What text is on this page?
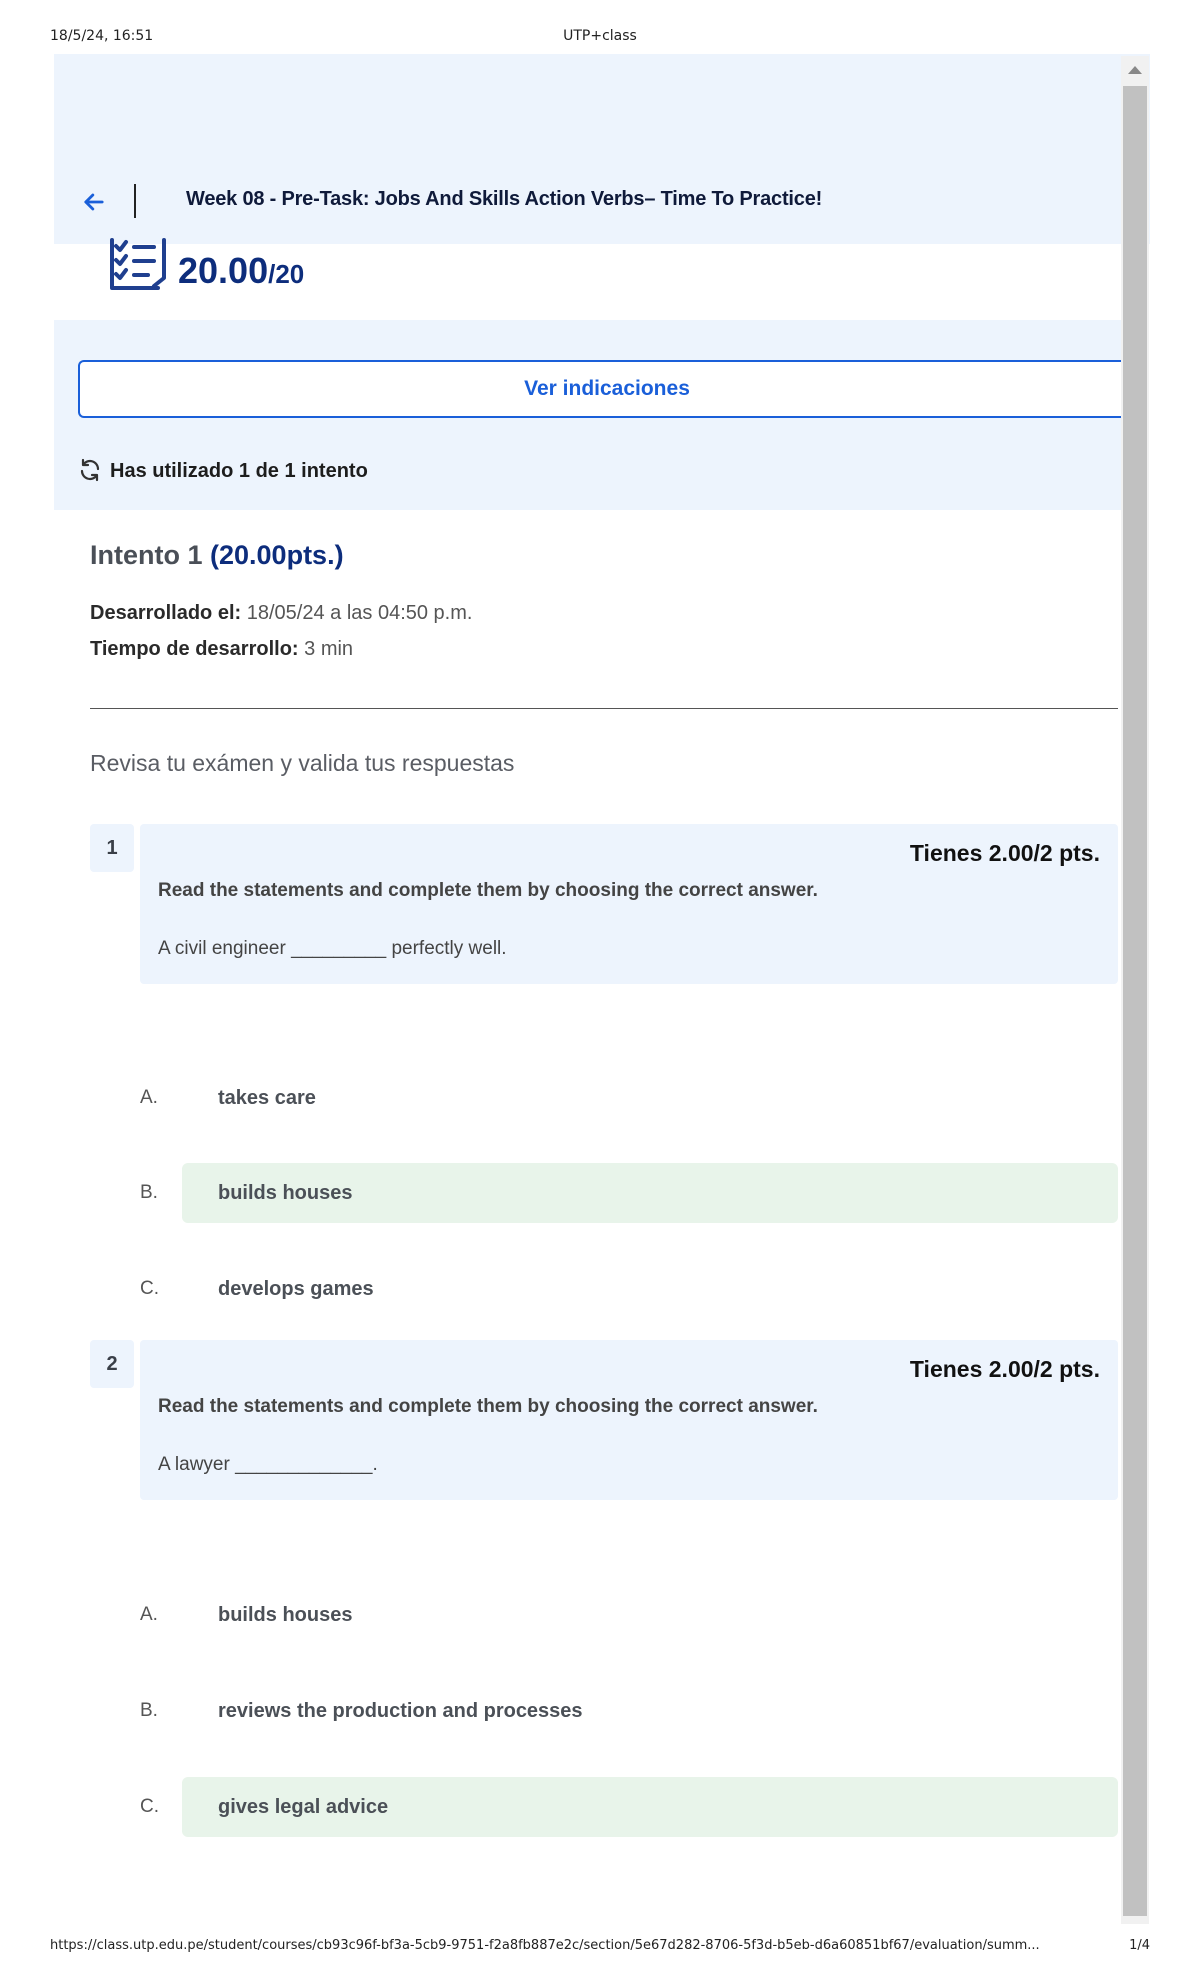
18/5/24, 16:51	UTP+class
Week 08 - Pre-Task: Jobs And Skills Action Verbs– Time To Practice!
20.00/20
Ver indicaciones
Has utilizado 1 de 1 intento
Intento 1 (20.00pts.)
Desarrollado el: 18/05/24 a las 04:50 p.m.
Tiempo de desarrollo: 3 min
Revisa tu exámen y valida tus respuestas
1	Tienes 2.00/2 pts.
Read the statements and complete them by choosing the correct answer.
A civil engineer _________ perfectly well.
A.	takes care
B.	builds houses
C.	develops games
2	Tienes 2.00/2 pts.
Read the statements and complete them by choosing the correct answer.
A lawyer _____________.
A.	builds houses
B.	reviews the production and processes
C.	gives legal advice
https://class.utp.edu.pe/student/courses/cb93c96f-bf3a-5cb9-9751-f2a8fb887e2c/section/5e67d282-8706-5f3d-b5eb-d6a60851bf67/evaluation/summ...	1/4
